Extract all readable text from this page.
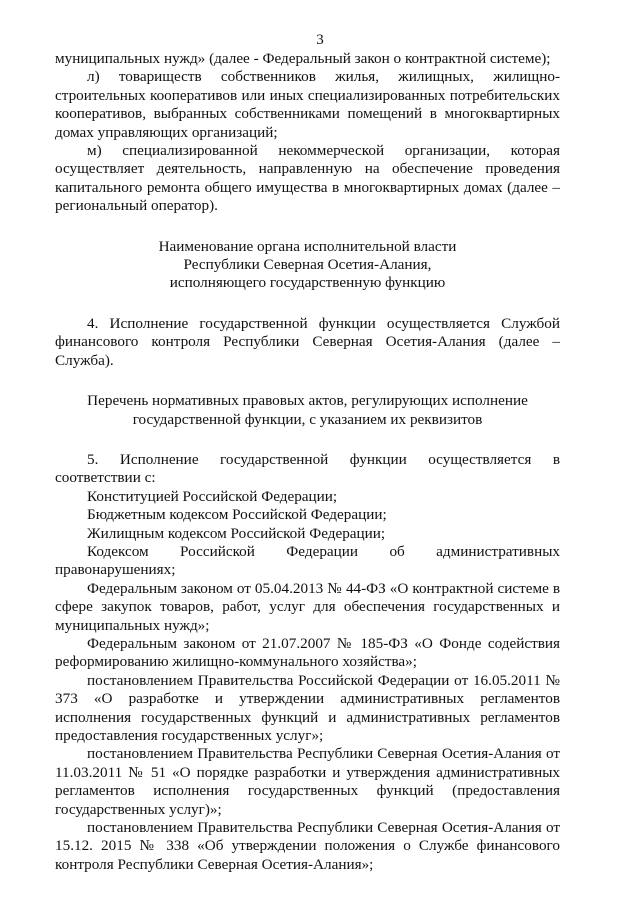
3

муниципальных нужд» (далее - Федеральный закон о контрактной системе);

л) товариществ собственников жилья, жилищных, жилищно-строительных кооперативов или иных специализированных потребительских кооперативов, выбранных собственниками помещений в многоквартирных домах управляющих организаций;

м) специализированной некоммерческой организации, которая осуществляет деятельность, направленную на обеспечение проведения капитального ремонта общего имущества в многоквартирных домах (далее – региональный оператор).

Наименование органа исполнительной власти
Республики Северная Осетия-Алания,
исполняющего государственную функцию

4. Исполнение государственной функции осуществляется Службой финансового контроля Республики Северная Осетия-Алания (далее – Служба).

Перечень нормативных правовых актов, регулирующих исполнение
государственной функции, с указанием их реквизитов

5. Исполнение государственной функции осуществляется в соответствии с:

Конституцией Российской Федерации;

Бюджетным кодексом Российской Федерации;

Жилищным кодексом Российской Федерации;

Кодексом Российской Федерации об административных правонарушениях;

Федеральным законом от 05.04.2013 № 44-ФЗ «О контрактной системе в сфере закупок товаров, работ, услуг для обеспечения государственных и муниципальных нужд»;

Федеральным законом от 21.07.2007 № 185-ФЗ «О Фонде содействия реформированию жилищно-коммунального хозяйства»;

постановлением Правительства Российской Федерации от 16.05.2011 № 373 «О разработке и утверждении административных регламентов исполнения государственных функций и административных регламентов предоставления государственных услуг»;

постановлением Правительства Республики Северная Осетия-Алания от 11.03.2011 № 51 «О порядке разработки и утверждения административных регламентов исполнения государственных функций (предоставления государственных услуг)»;

постановлением Правительства Республики Северная Осетия-Алания от 15.12. 2015 № 338 «Об утверждении положения о Службе финансового контроля Республики Северная Осетия-Алания»;
